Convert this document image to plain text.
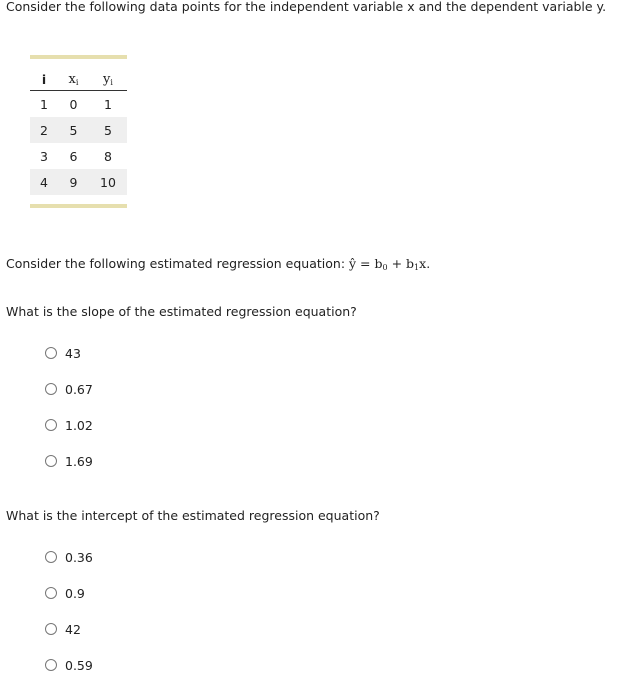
Consider the following data points for the independent variable x and the dependent variable y.
i	$x_i$	$y_i$
1	0	1
2	5	5
3	6	8
4	9	10
Consider the following estimated regression equation: ŷ = $b_0 + b_1x$.
What is the slope of the estimated regression equation?
43
0.67
1.02
1.69
What is the intercept of the estimated regression equation?
0.36
0.9
42
0.59
